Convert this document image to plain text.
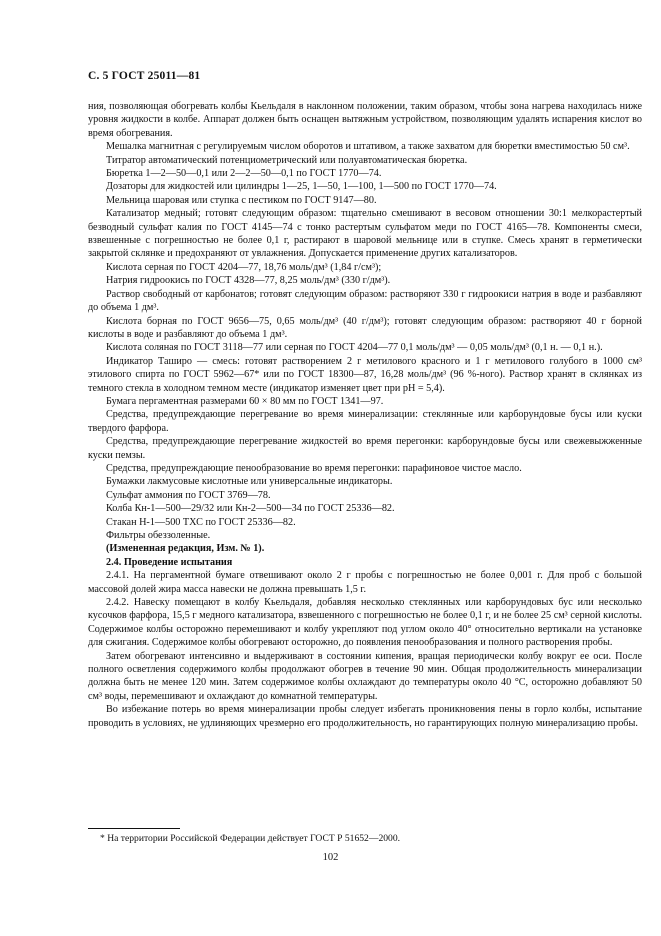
С. 5 ГОСТ 25011—81

ния, позволяющая обогревать колбы Кьельдаля в наклонном положении, таким образом, чтобы зона нагрева находилась ниже уровня жидкости в колбе. Аппарат должен быть оснащен вытяжным устройством, позволяющим удалять испарения кислот во время обогревания.

Мешалка магнитная с регулируемым числом оборотов и штативом, а также захватом для бюретки вместимостью 50 см³.

Титратор автоматический потенциометрический или полуавтоматическая бюретка.

Бюретка 1—2—50—0,1 или 2—2—50—0,1 по ГОСТ 1770—74.

Дозаторы для жидкостей или цилиндры 1—25, 1—50, 1—100, 1—500 по ГОСТ 1770—74.

Мельница шаровая или ступка с пестиком по ГОСТ 9147—80.

Катализатор медный; готовят следующим образом: тщательно смешивают в весовом отношении 30:1 мелкорастертый безводный сульфат калия по ГОСТ 4145—74 с тонко растертым сульфатом меди по ГОСТ 4165—78. Компоненты смеси, взвешенные с погрешностью не более 0,1 г, растирают в шаровой мельнице или в ступке. Смесь хранят в герметически закрытой склянке и предохраняют от увлажнения. Допускается применение других катализаторов.

Кислота серная по ГОСТ 4204—77, 18,76 моль/дм³ (1,84 г/см³);

Натрия гидроокись по ГОСТ 4328—77, 8,25 моль/дм³ (330 г/дм³).

Раствор свободный от карбонатов; готовят следующим образом: растворяют 330 г гидроокиси натрия в воде и разбавляют до объема 1 дм³.

Кислота борная по ГОСТ 9656—75, 0,65 моль/дм³ (40 г/дм³); готовят следующим образом: растворяют 40 г борной кислоты в воде и разбавляют до объема 1 дм³.

Кислота соляная по ГОСТ 3118—77 или серная по ГОСТ 4204—77 0,1 моль/дм³ — 0,05 моль/дм³ (0,1 н. — 0,1 н.).

Индикатор Таширо — смесь: готовят растворением 2 г метилового красного и 1 г метилового голубого в 1000 см³ этилового спирта по ГОСТ 5962—67* или по ГОСТ 18300—87, 16,28 моль/дм³ (96 %-ного). Раствор хранят в склянках из темного стекла в холодном темном месте (индикатор изменяет цвет при pH = 5,4).

Бумага пергаментная размерами 60 × 80 мм по ГОСТ 1341—97.

Средства, предупреждающие перегревание во время минерализации: стеклянные или карборундовые бусы или куски твердого фарфора.

Средства, предупреждающие перегревание жидкостей во время перегонки: карборундовые бусы или свежевыжженные куски пемзы.

Средства, предупреждающие пенообразование во время перегонки: парафиновое чистое масло.

Бумажки лакмусовые кислотные или универсальные индикаторы.

Сульфат аммония по ГОСТ 3769—78.

Колба Кн-1—500—29/32 или Кн-2—500—34 по ГОСТ 25336—82.

Стакан Н-1—500 ТХС по ГОСТ 25336—82.

Фильтры обеззоленные.

(Измененная редакция, Изм. № 1).

2.4. Проведение испытания

2.4.1. На пергаментной бумаге отвешивают около 2 г пробы с погрешностью не более 0,001 г. Для проб с большой массовой долей жира масса навески не должна превышать 1,5 г.

2.4.2. Навеску помещают в колбу Кьельдаля, добавляя несколько стеклянных или карборундовых бус или несколько кусочков фарфора, 15,5 г медного катализатора, взвешенного с погрешностью не более 0,1 г, и не более 25 см³ серной кислоты. Содержимое колбы осторожно перемешивают и колбу укрепляют под углом около 40° относительно вертикали на установке для сжигания. Содержимое колбы обогревают осторожно, до появления пенообразования и полного растворения пробы.

Затем обогревают интенсивно и выдерживают в состоянии кипения, вращая периодически колбу вокруг ее оси. После полного осветления содержимого колбы продолжают обогрев в течение 90 мин. Общая продолжительность минерализации должна быть не менее 120 мин. Затем содержимое колбы охлаждают до температуры около 40 °С, осторожно добавляют 50 см³ воды, перемешивают и охлаждают до комнатной температуры.

Во избежание потерь во время минерализации пробы следует избегать проникновения пены в горло колбы, испытание проводить в условиях, не удлиняющих чрезмерно его продолжительность, но гарантирующих полную минерализацию пробы.

* На территории Российской Федерации действует ГОСТ Р 51652—2000.
102
